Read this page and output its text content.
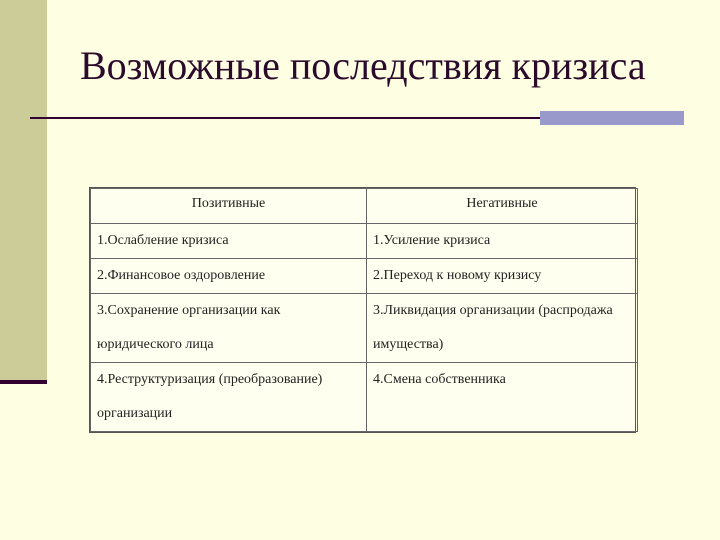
Возможные последствия кризиса
Позитивные	Негативные
1.Ослабление кризиса	1.Усиление кризиса
2.Финансовое оздоровление	2.Переход к новому кризису
3.Сохранение организации как юридического лица	3.Ликвидация организации (распродажа имущества)
4.Реструктуризация (преобразование) организации	4.Смена собственника
